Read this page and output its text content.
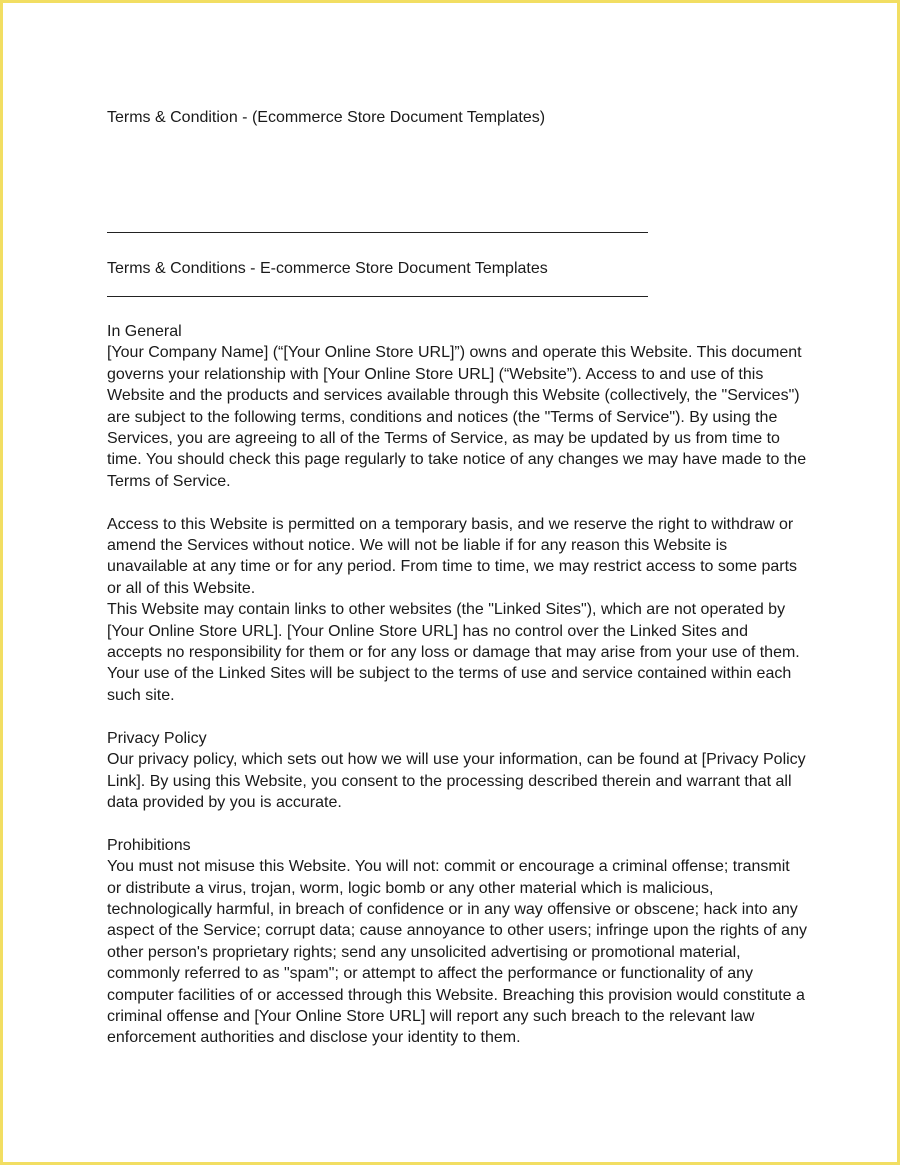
Terms & Condition - (Ecommerce Store Document Templates)
Terms & Conditions - E-commerce Store Document Templates
In General
[Your Company Name] (“[Your Online Store URL]”) owns and operate this Website. This document governs your relationship with [Your Online Store URL] (“Website”). Access to and use of this Website and the products and services available through this Website (collectively, the "Services") are subject to the following terms, conditions and notices (the "Terms of Service"). By using the Services, you are agreeing to all of the Terms of Service, as may be updated by us from time to time. You should check this page regularly to take notice of any changes we may have made to the Terms of Service.
Access to this Website is permitted on a temporary basis, and we reserve the right to withdraw or amend the Services without notice. We will not be liable if for any reason this Website is unavailable at any time or for any period. From time to time, we may restrict access to some parts or all of this Website.
This Website may contain links to other websites (the "Linked Sites"), which are not operated by [Your Online Store URL]. [Your Online Store URL] has no control over the Linked Sites and accepts no responsibility for them or for any loss or damage that may arise from your use of them. Your use of the Linked Sites will be subject to the terms of use and service contained within each such site.
Privacy Policy
Our privacy policy, which sets out how we will use your information, can be found at [Privacy Policy Link]. By using this Website, you consent to the processing described therein and warrant that all data provided by you is accurate.
Prohibitions
You must not misuse this Website. You will not: commit or encourage a criminal offense; transmit or distribute a virus, trojan, worm, logic bomb or any other material which is malicious, technologically harmful, in breach of confidence or in any way offensive or obscene; hack into any aspect of the Service; corrupt data; cause annoyance to other users; infringe upon the rights of any other person's proprietary rights; send any unsolicited advertising or promotional material, commonly referred to as "spam"; or attempt to affect the performance or functionality of any computer facilities of or accessed through this Website. Breaching this provision would constitute a criminal offense and [Your Online Store URL] will report any such breach to the relevant law enforcement authorities and disclose your identity to them.
